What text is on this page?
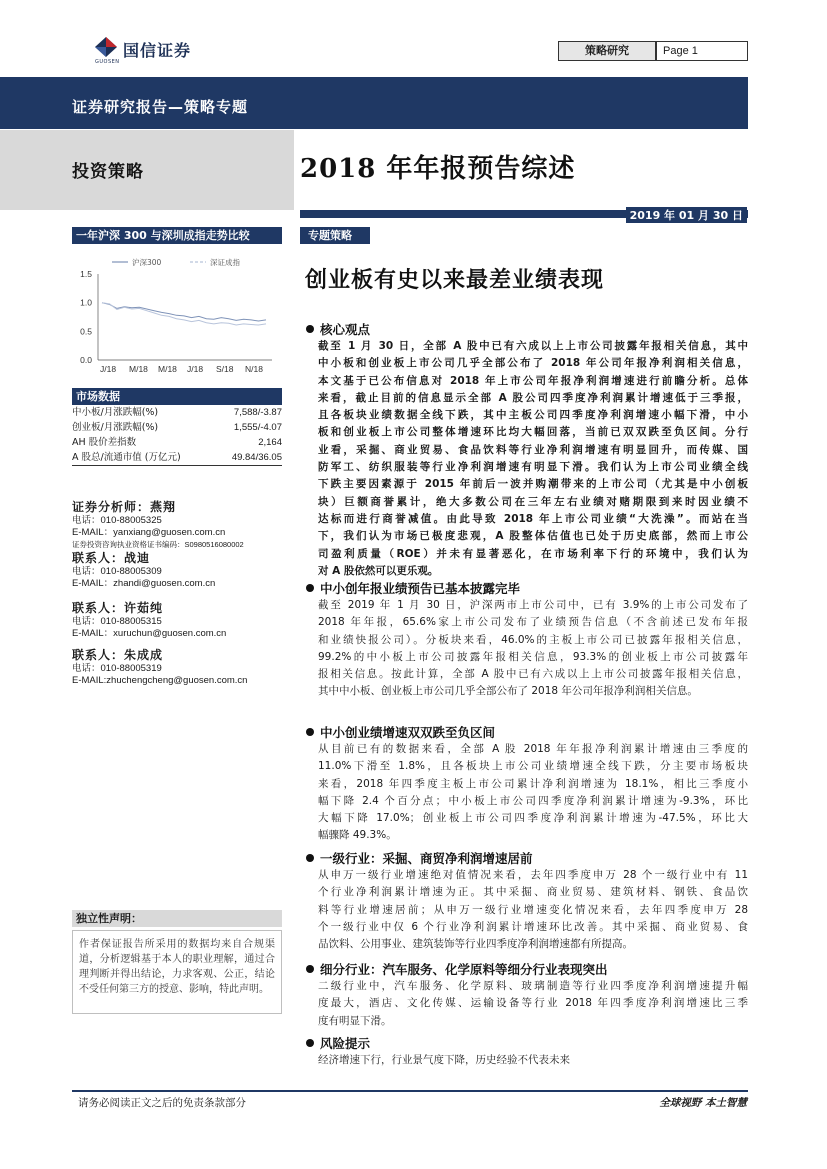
国信证券
GUOSEN
策略研究	Page 1
证券研究报告—策略专题
投资策略	2018 年年报预告综述
2019 年 01 月 30 日
一年沪深 300 与深圳成指走势比较
沪深300	深证成指
1.5
1.0
0.5
0.0
J/18 M/18 M/18 J/18 S/18 N/18
市场数据
中小板/月涨跌幅(%)	7,588/-3.87
创业板/月涨跌幅(%)	1,555/-4.07
AH 股价差指数	2,164
A 股总/流通市值 (万亿元)	49.84/36.05
证券分析师：燕翔
电话：010-88005325
E-MAIL：yanxiang@guosen.com.cn
证券投资咨询执业资格证书编码：S0980516080002
联系人：战迪
电话：010-88005309
E-MAIL：zhandi@guosen.com.cn
联系人：许茹纯
电话：010-88005315
E-MAIL：xuruchun@guosen.com.cn
联系人：朱成成
电话：010-88005319
E-MAIL:zhuchengcheng@guosen.com.cn
独立性声明：
作者保证报告所采用的数据均来自合规渠道，分析逻辑基于本人的职业理解，通过合理判断并得出结论，力求客观、公正，结论不受任何第三方的授意、影响，特此声明。
专题策略
创业板有史以来最差业绩表现
核心观点
截至 1 月 30 日，全部 A 股中已有六成以上上市公司披露年报相关信息，其中
中小板和创业板上市公司几乎全部公布了 2018 年公司年报净利润相关信息，
本文基于已公布信息对 2018 年上市公司年报净利润增速进行前瞻分析。总体
来看，截止目前的信息显示全部 A 股公司四季度净利润累计增速低于三季报，
且各板块业绩数据全线下跌，其中主板公司四季度净利润增速小幅下滑，中小
板和创业板上市公司整体增速环比均大幅回落，当前已双双跌至负区间。分行
业看，采掘、商业贸易、食品饮料等行业净利润增速有明显回升，而传媒、国
防军工、纺织服装等行业净利润增速有明显下滑。我们认为上市公司业绩全线
下跌主要因素源于 2015 年前后一波并购潮带来的上市公司（尤其是中小创板
块）巨额商誉累计，绝大多数公司在三年左右业绩对赌期限到来时因业绩不
达标而进行商誉减值。由此导致 2018 年上市公司业绩“大洗澡”。而站在当
下，我们认为市场已极度悲观，A 股整体估值也已处于历史底部，然而上市公
司盈利质量（ROE）并未有显著恶化，在市场利率下行的环境中，我们认为
对 A 股依然可以更乐观。
中小创年报业绩预告已基本披露完毕
截至 2019 年 1 月 30 日，沪深两市上市公司中，已有 3.9%的上市公司发布了
2018 年年报，65.6%家上市公司发布了业绩预告信息（不含前述已发布年报
和业绩快报公司）。分板块来看，46.0%的主板上市公司已披露年报相关信息，
99.2%的中小板上市公司披露年报相关信息，93.3%的创业板上市公司披露年
报相关信息。按此计算，全部 A 股中已有六成以上上市公司披露年报相关信息，
其中中小板、创业板上市公司几乎全部公布了 2018 年公司年报净利润相关信息。
中小创业绩增速双双跌至负区间
从目前已有的数据来看，全部 A 股 2018 年年报净利润累计增速由三季度的
11.0%下滑至 1.8%，且各板块上市公司业绩增速全线下跌，分主要市场板块
来看，2018 年四季度主板上市公司累计净利润增速为 18.1%，相比三季度小
幅下降 2.4 个百分点；中小板上市公司四季度净利润累计增速为-9.3%，环比
大幅下降 17.0%；创业板上市公司四季度净利润累计增速为-47.5%，环比大
幅骤降 49.3%。
一级行业：采掘、商贸净利润增速居前
从申万一级行业增速绝对值情况来看，去年四季度申万 28 个一级行业中有 11
个行业净利润累计增速为正。其中采掘、商业贸易、建筑材料、钢铁、食品饮
料等行业增速居前；从申万一级行业增速变化情况来看，去年四季度申万 28
个一级行业中仅 6 个行业净利润累计增速环比改善。其中采掘、商业贸易、食
品饮料、公用事业、建筑装饰等行业四季度净利润增速都有所提高。
细分行业：汽车服务、化学原料等细分行业表现突出
二级行业中，汽车服务、化学原料、玻璃制造等行业四季度净利润增速提升幅
度最大，酒店、文化传媒、运输设备等行业 2018 年四季度净利润增速比三季
度有明显下滑。
风险提示
经济增速下行，行业景气度下降，历史经验不代表未来
请务必阅读正文之后的免责条款部分	全球视野 本土智慧
